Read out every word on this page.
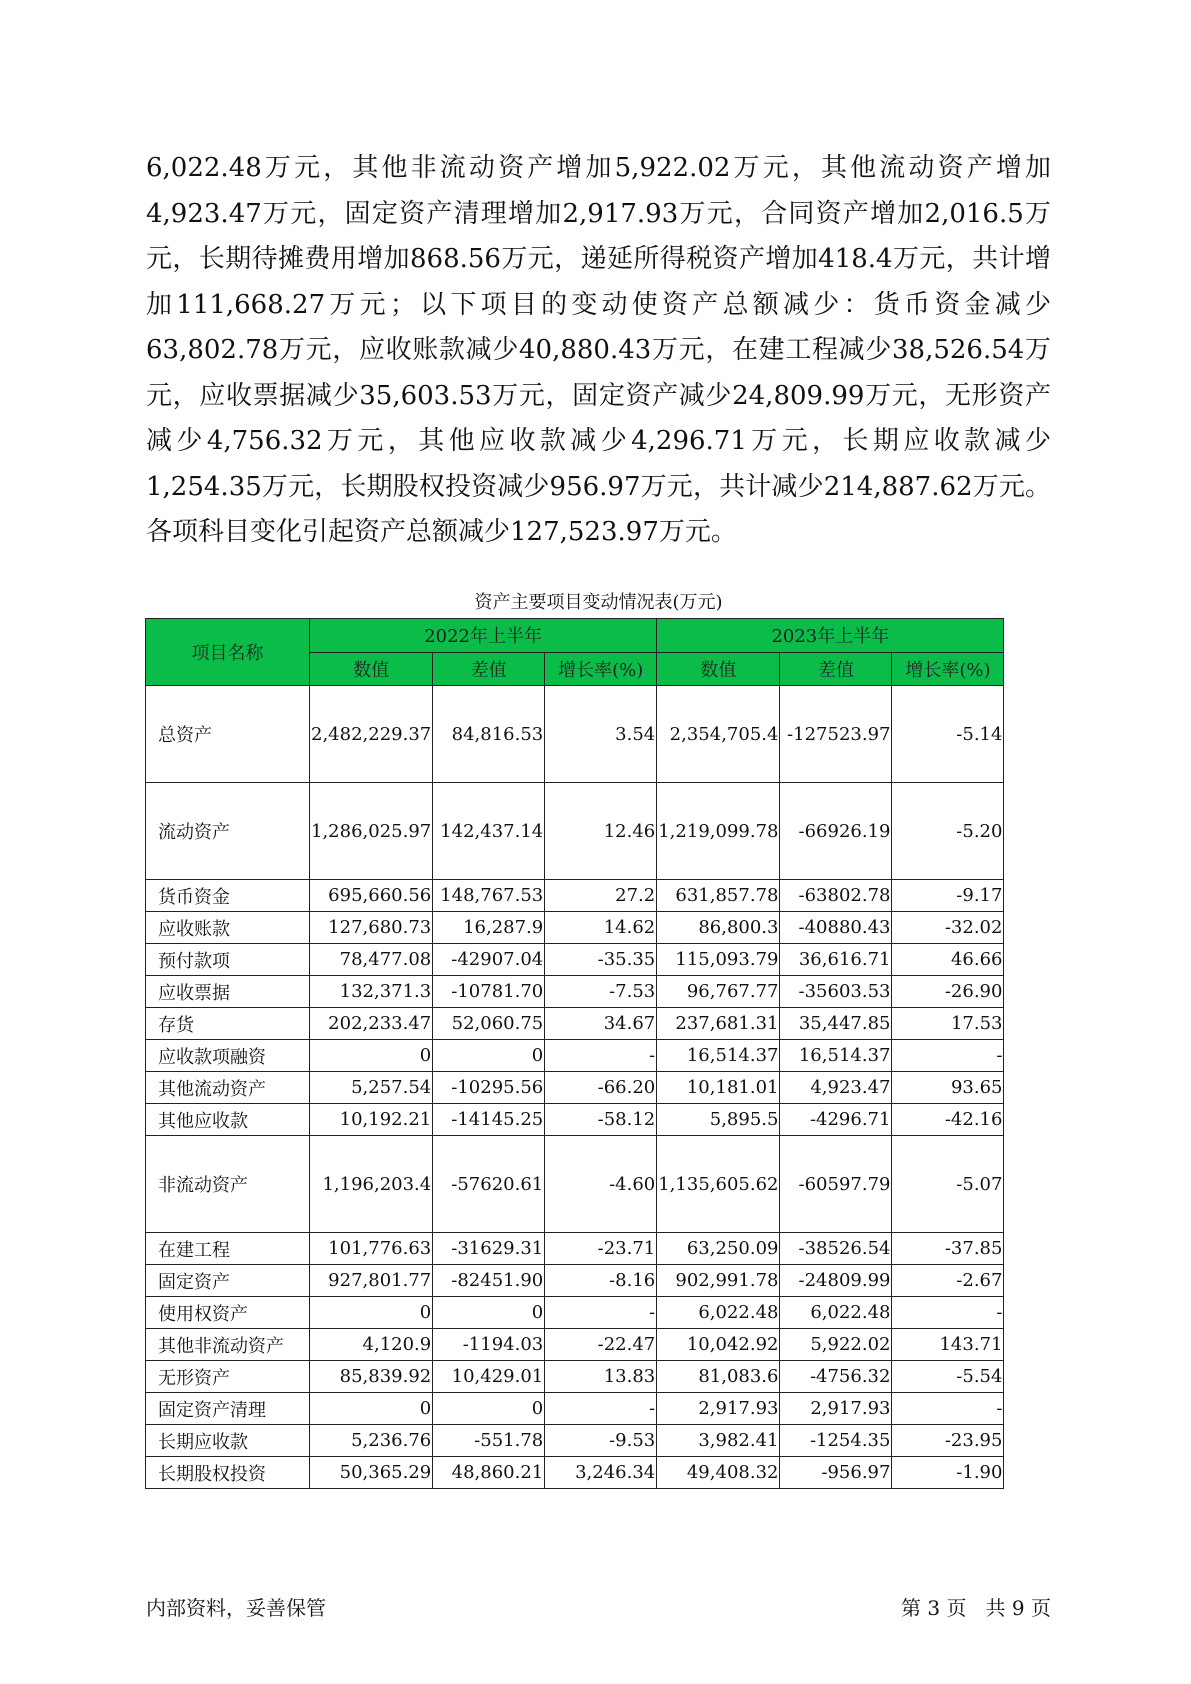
6,022.48万元，其他非流动资产增加5,922.02万元，其他流动资产增加4,923.47万元，固定资产清理增加2,917.93万元，合同资产增加2,016.5万元，长期待摊费用增加868.56万元，递延所得税资产增加418.4万元，共计增加111,668.27万元；以下项目的变动使资产总额减少：货币资金减少63,802.78万元，应收账款减少40,880.43万元，在建工程减少38,526.54万元，应收票据减少35,603.53万元，固定资产减少24,809.99万元，无形资产减少4,756.32万元，其他应收款减少4,296.71万元，长期应收款减少1,254.35万元，长期股权投资减少956.97万元，共计减少214,887.62万元。各项科目变化引起资产总额减少127,523.97万元。

资产主要项目变动情况表(万元)
项目名称	2022年上半年			2023年上半年		
	数值	差值	增长率(%)	数值	差值	增长率(%)
总资产	2,482,229.37	84,816.53	3.54	2,354,705.4	-127523.97	-5.14
流动资产	1,286,025.97	142,437.14	12.46	1,219,099.78	-66926.19	-5.20
货币资金	695,660.56	148,767.53	27.2	631,857.78	-63802.78	-9.17
应收账款	127,680.73	16,287.9	14.62	86,800.3	-40880.43	-32.02
预付款项	78,477.08	-42907.04	-35.35	115,093.79	36,616.71	46.66
应收票据	132,371.3	-10781.70	-7.53	96,767.77	-35603.53	-26.90
存货	202,233.47	52,060.75	34.67	237,681.31	35,447.85	17.53
应收款项融资	0	0	-	16,514.37	16,514.37	-
其他流动资产	5,257.54	-10295.56	-66.20	10,181.01	4,923.47	93.65
其他应收款	10,192.21	-14145.25	-58.12	5,895.5	-4296.71	-42.16
非流动资产	1,196,203.4	-57620.61	-4.60	1,135,605.62	-60597.79	-5.07
在建工程	101,776.63	-31629.31	-23.71	63,250.09	-38526.54	-37.85
固定资产	927,801.77	-82451.90	-8.16	902,991.78	-24809.99	-2.67
使用权资产	0	0	-	6,022.48	6,022.48	-
其他非流动资产	4,120.9	-1194.03	-22.47	10,042.92	5,922.02	143.71
无形资产	85,839.92	10,429.01	13.83	81,083.6	-4756.32	-5.54
固定资产清理	0	0	-	2,917.93	2,917.93	-
长期应收款	5,236.76	-551.78	-9.53	3,982.41	-1254.35	-23.95
长期股权投资	50,365.29	48,860.21	3,246.34	49,408.32	-956.97	-1.90
内部资料，妥善保管	第 3 页   共 9 页
